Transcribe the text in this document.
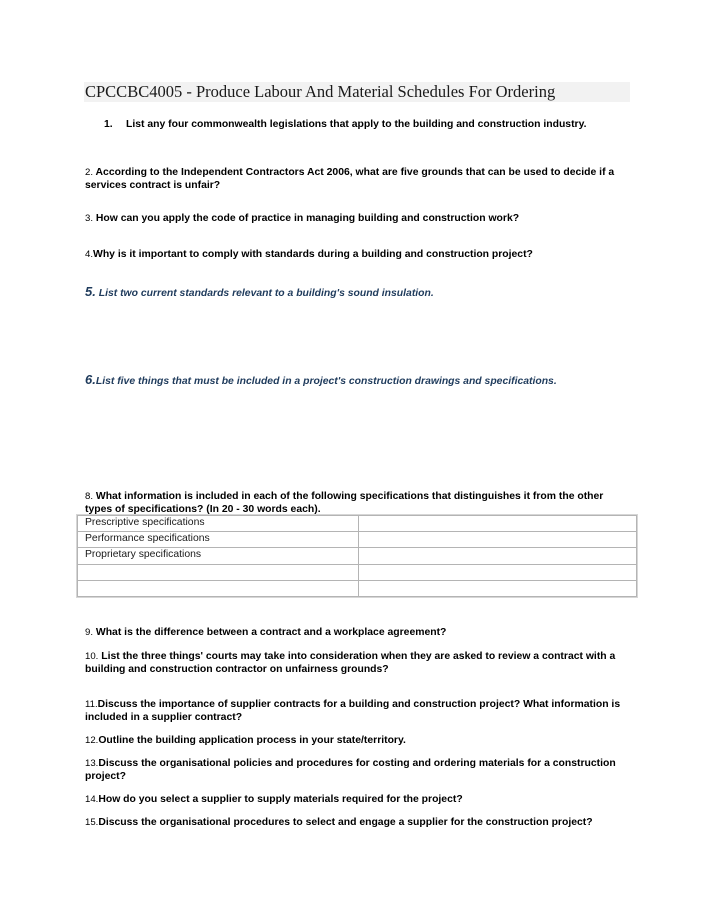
CPCCBC4005 - Produce Labour And Material Schedules For Ordering
1. List any four commonwealth legislations that apply to the building and construction industry.
2. According to the Independent Contractors Act 2006, what are five grounds that can be used to decide if a services contract is unfair?
3. How can you apply the code of practice in managing building and construction work?
4.Why is it important to comply with standards during a building and construction project?
5. List two current standards relevant to a building's sound insulation.
6.List five things that must be included in a project's construction drawings and specifications.
8. What information is included in each of the following specifications that distinguishes it from the other types of specifications? (In 20 - 30 words each).
Prescriptive specifications	
Performance specifications	
Proprietary specifications	

9. What is the difference between a contract and a workplace agreement?
10. List the three things' courts may take into consideration when they are asked to review a contract with a building and construction contractor on unfairness grounds?
11.Discuss the importance of supplier contracts for a building and construction project? What information is included in a supplier contract?
12.Outline the building application process in your state/territory.
13.Discuss the organisational policies and procedures for costing and ordering materials for a construction project?
14.How do you select a supplier to supply materials required for the project?
15.Discuss the organisational procedures to select and engage a supplier for the construction project?
